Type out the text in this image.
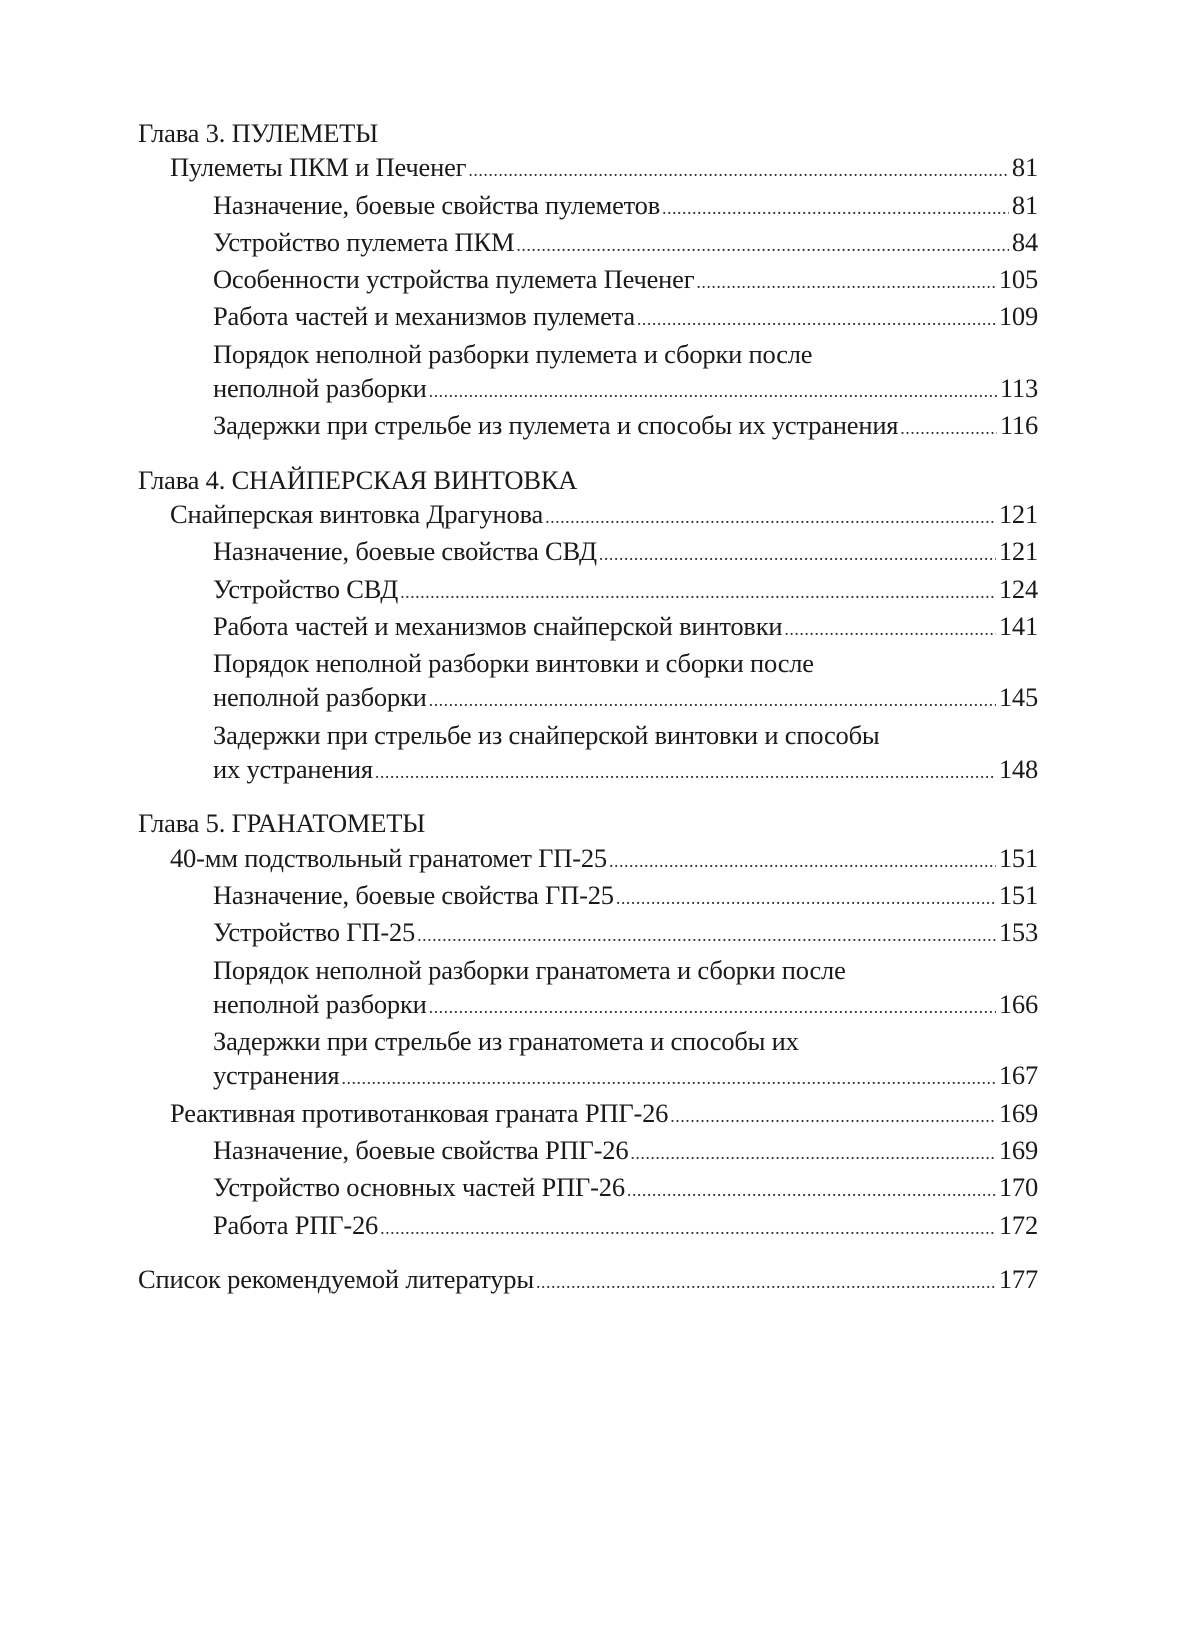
Глава 3. ПУЛЕМЕТЫ
Пулеметы ПКМ и Печенег .....	81
Назначение, боевые свойства пулеметов .....	81
Устройство пулемета ПКМ .....	84
Особенности устройства пулемета Печенег .....	105
Работа частей и механизмов пулемета .....	109
Порядок неполной разборки пулемета и сборки после
неполной разборки .....	113
Задержки при стрельбе из пулемета и способы их устранения .....	116
Глава 4. СНАЙПЕРСКАЯ ВИНТОВКА
Снайперская винтовка Драгунова .....	121
Назначение, боевые свойства СВД .....	121
Устройство СВД .....	124
Работа частей и механизмов снайперской винтовки .....	141
Порядок неполной разборки винтовки и сборки после
неполной разборки .....	145
Задержки при стрельбе из снайперской винтовки и способы
их устранения .....	148
Глава 5. ГРАНАТОМЕТЫ
40-мм подствольный гранатомет ГП-25 .....	151
Назначение, боевые свойства ГП-25 .....	151
Устройство ГП-25 .....	153
Порядок неполной разборки гранатомета и сборки после
неполной разборки .....	166
Задержки при стрельбе из гранатомета и способы их
устранения .....	167
Реактивная противотанковая граната РПГ-26 .....	169
Назначение, боевые свойства РПГ-26 .....	169
Устройство основных частей РПГ-26 .....	170
Работа РПГ-26 .....	172
Список рекомендуемой литературы .....	177
